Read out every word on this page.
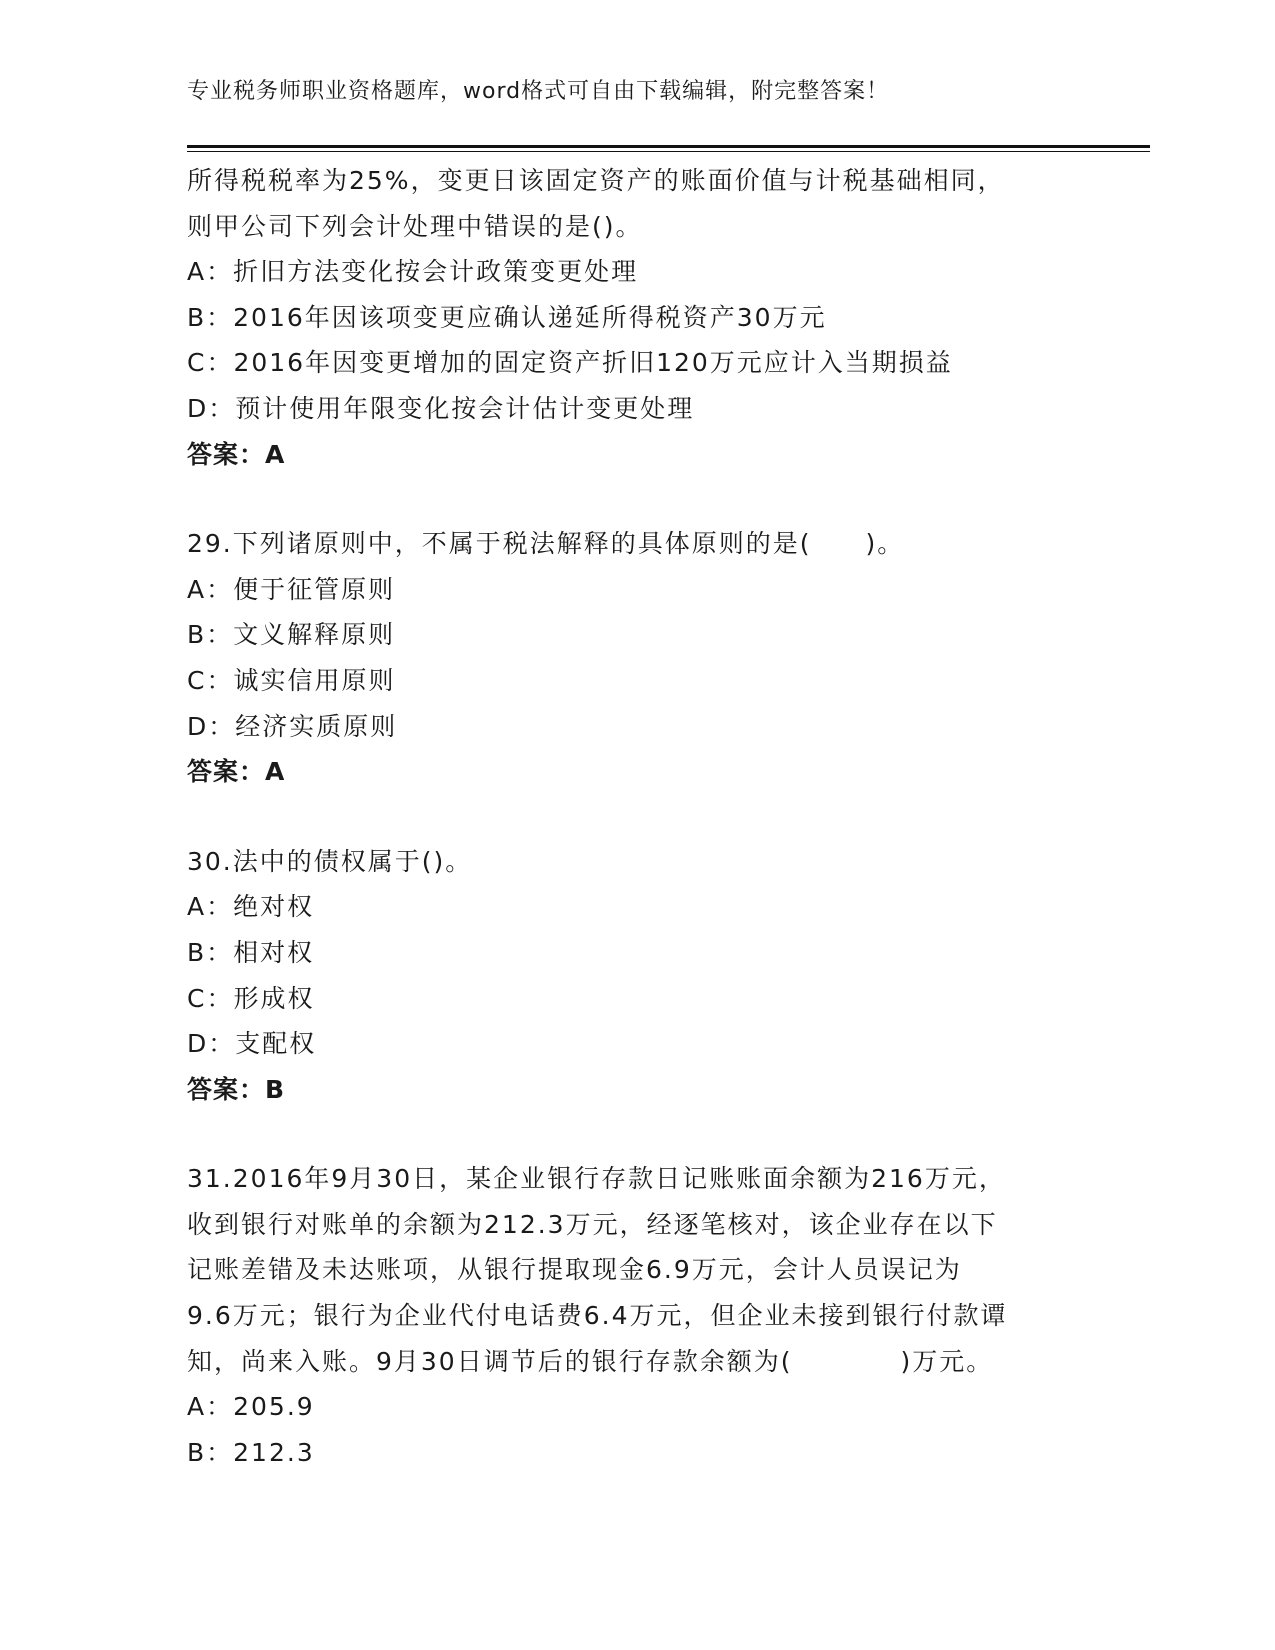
专业税务师职业资格题库，word格式可自由下载编辑，附完整答案！
所得税税率为25%，变更日该固定资产的账面价值与计税基础相同，
则甲公司下列会计处理中错误的是()。
A：折旧方法变化按会计政策变更处理
B：2016年因该项变更应确认递延所得税资产30万元
C：2016年因变更增加的固定资产折旧120万元应计入当期损益
D：预计使用年限变化按会计估计变更处理
答案：A
29.下列诸原则中，不属于税法解释的具体原则的是(　　)。
A：便于征管原则
B：文义解释原则
C：诚实信用原则
D：经济实质原则
答案：A
30.法中的债权属于()。
A：绝对权
B：相对权
C：形成权
D：支配权
答案：B
31.2016年9月30日，某企业银行存款日记账账面余额为216万元，
收到银行对账单的余额为212.3万元，经逐笔核对，该企业存在以下
记账差错及未达账项，从银行提取现金6.9万元，会计人员误记为
9.6万元；银行为企业代付电话费6.4万元，但企业未接到银行付款谭
知，尚来入账。9月30日调节后的银行存款余额为(　　　　)万元。
A：205.9
B：212.3
